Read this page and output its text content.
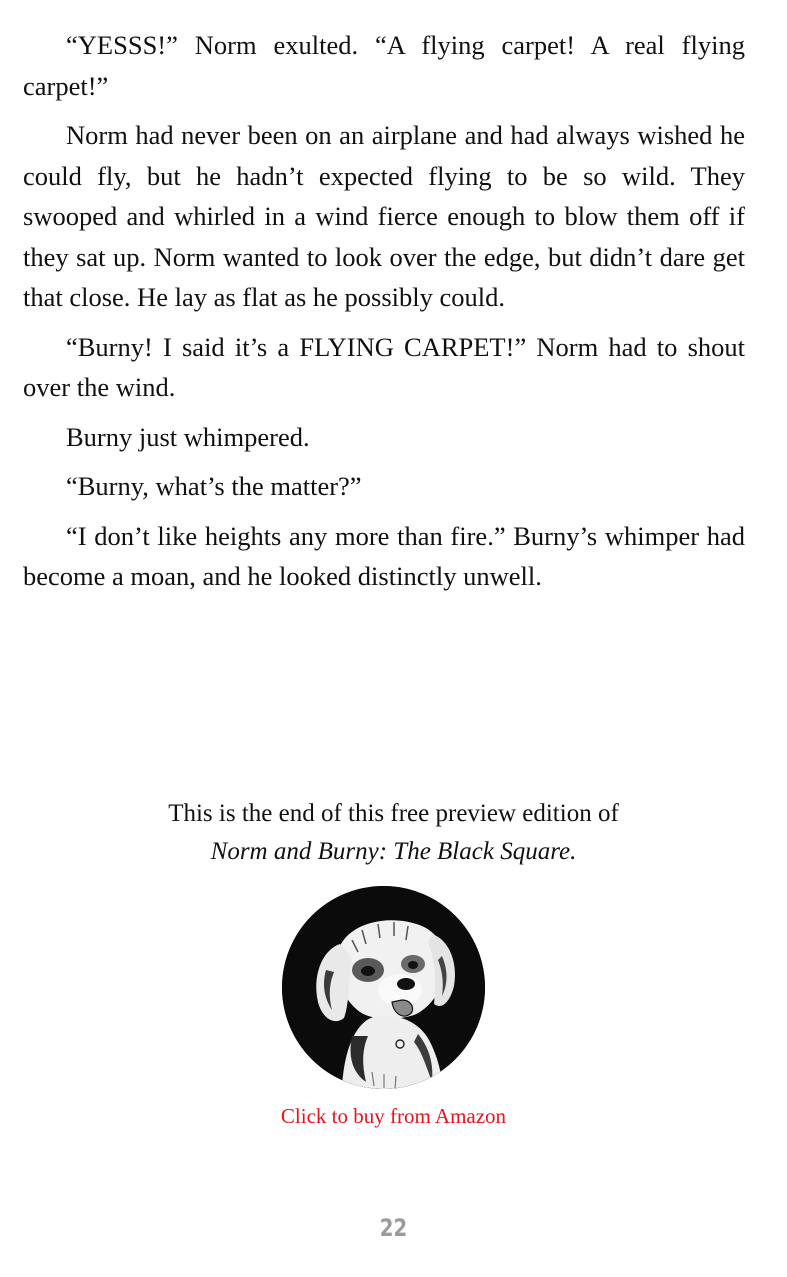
“YESSS!” Norm exulted. “A flying carpet! A real flying carpet!”

Norm had never been on an airplane and had always wished he could fly, but he hadn’t expected flying to be so wild. They swooped and whirled in a wind fierce enough to blow them off if they sat up. Norm wanted to look over the edge, but didn’t dare get that close. He lay as flat as he possibly could.

“Burny! I said it’s a FLYING CARPET!” Norm had to shout over the wind.

Burny just whimpered.

“Burny, what’s the matter?”

“I don’t like heights any more than fire.” Burny’s whimper had become a moan, and he looked distinctly unwell.

This is the end of this free preview edition of
Norm and Burny: The Black Square.
Click to buy from Amazon
22
